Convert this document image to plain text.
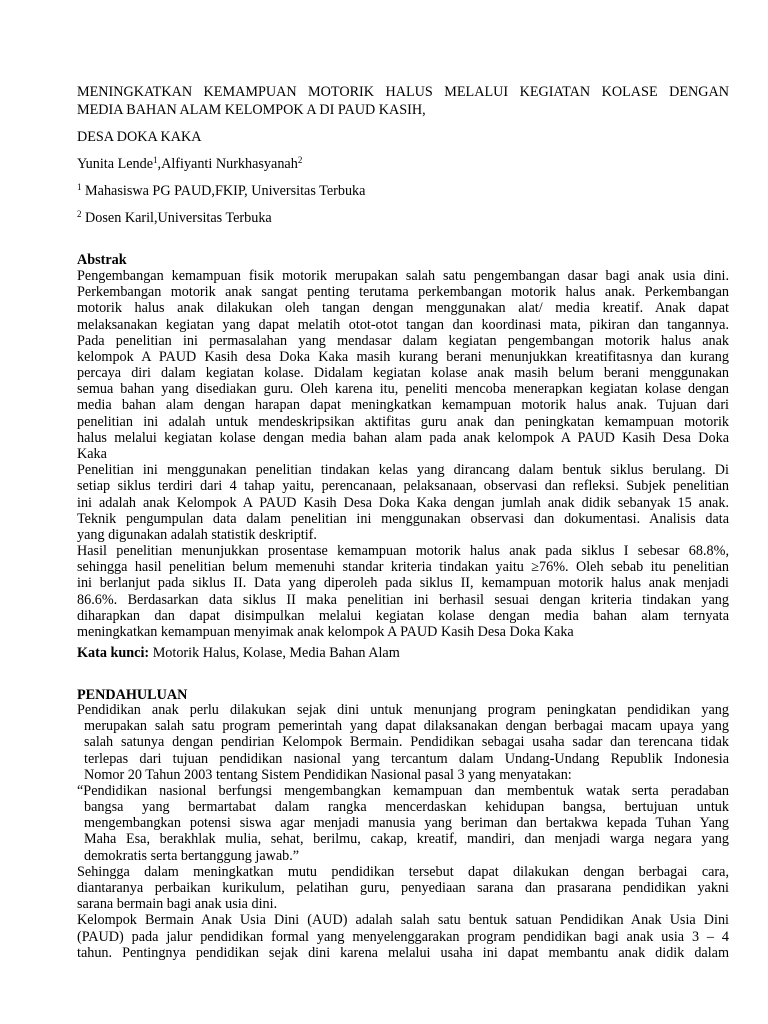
MENINGKATKAN KEMAMPUAN MOTORIK HALUS MELALUI KEGIATAN KOLASE DENGAN
MEDIA BAHAN ALAM KELOMPOK A DI PAUD KASIH,
DESA DOKA KAKA
Yunita Lende$^1$,Alfiyanti Nurkhasyanah$^2$
$^1$ Mahasiswa PG PAUD,FKIP, Universitas Terbuka
$^2$ Dosen Karil,Universitas Terbuka
Abstrak
Pengembangan kemampuan fisik motorik merupakan salah satu pengembangan dasar bagi anak usia dini.
Perkembangan motorik anak sangat penting terutama perkembangan motorik halus anak. Perkembangan
motorik halus anak dilakukan oleh tangan dengan menggunakan alat/ media kreatif. Anak dapat
melaksanakan kegiatan yang dapat melatih otot-otot tangan dan koordinasi mata, pikiran dan tangannya.
Pada penelitian ini permasalahan yang mendasar dalam kegiatan pengembangan motorik halus anak
kelompok A PAUD Kasih desa Doka Kaka masih kurang berani menunjukkan kreatifitasnya dan kurang
percaya diri dalam kegiatan kolase. Didalam kegiatan kolase anak masih belum berani menggunakan
semua bahan yang disediakan guru. Oleh karena itu, peneliti mencoba menerapkan kegiatan kolase dengan
media bahan alam dengan harapan dapat meningkatkan kemampuan motorik halus anak. Tujuan dari
penelitian ini adalah untuk mendeskripsikan aktifitas guru anak dan peningkatan kemampuan motorik
halus melalui kegiatan kolase dengan media bahan alam pada anak kelompok A PAUD Kasih Desa Doka
Kaka
Penelitian ini menggunakan penelitian tindakan kelas yang dirancang dalam bentuk siklus berulang. Di
setiap siklus terdiri dari 4 tahap yaitu, perencanaan, pelaksanaan, observasi dan refleksi. Subjek penelitian
ini adalah anak Kelompok A PAUD Kasih Desa Doka Kaka dengan jumlah anak didik sebanyak 15 anak.
Teknik pengumpulan data dalam penelitian ini menggunakan observasi dan dokumentasi. Analisis data
yang digunakan adalah statistik deskriptif.
Hasil penelitian menunjukkan prosentase kemampuan motorik halus anak pada siklus I sebesar 68.8%,
sehingga hasil penelitian belum memenuhi standar kriteria tindakan yaitu ≥76%. Oleh sebab itu penelitian
ini berlanjut pada siklus II. Data yang diperoleh pada siklus II, kemampuan motorik halus anak menjadi
86.6%. Berdasarkan data siklus II maka penelitian ini berhasil sesuai dengan kriteria tindakan yang
diharapkan dan dapat disimpulkan melalui kegiatan kolase dengan media bahan alam ternyata
meningkatkan kemampuan menyimak anak kelompok A PAUD Kasih Desa Doka Kaka
Kata kunci: Motorik Halus, Kolase, Media Bahan Alam
PENDAHULUAN
Pendidikan anak perlu dilakukan sejak dini untuk menunjang program peningkatan pendidikan yang
merupakan salah satu program pemerintah yang dapat dilaksanakan dengan berbagai macam upaya yang
salah satunya dengan pendirian Kelompok Bermain. Pendidikan sebagai usaha sadar dan terencana tidak
terlepas dari tujuan pendidikan nasional yang tercantum dalam Undang-Undang Republik Indonesia
Nomor 20 Tahun 2003 tentang Sistem Pendidikan Nasional pasal 3 yang menyatakan:
“Pendidikan nasional berfungsi mengembangkan kemampuan dan membentuk watak serta peradaban
bangsa yang bermartabat dalam rangka mencerdaskan kehidupan bangsa, bertujuan untuk
mengembangkan potensi siswa agar menjadi manusia yang beriman dan bertakwa kepada Tuhan Yang
Maha Esa, berakhlak mulia, sehat, berilmu, cakap, kreatif, mandiri, dan menjadi warga negara yang
demokratis serta bertanggung jawab.”
Sehingga dalam meningkatkan mutu pendidikan tersebut dapat dilakukan dengan berbagai cara,
diantaranya perbaikan kurikulum, pelatihan guru, penyediaan sarana dan prasarana pendidikan yakni
sarana bermain bagi anak usia dini.
Kelompok Bermain Anak Usia Dini (AUD) adalah salah satu bentuk satuan Pendidikan Anak Usia Dini
(PAUD) pada jalur pendidikan formal yang menyelenggarakan program pendidikan bagi anak usia 3 – 4
tahun. Pentingnya pendidikan sejak dini karena melalui usaha ini dapat membantu anak didik dalam
